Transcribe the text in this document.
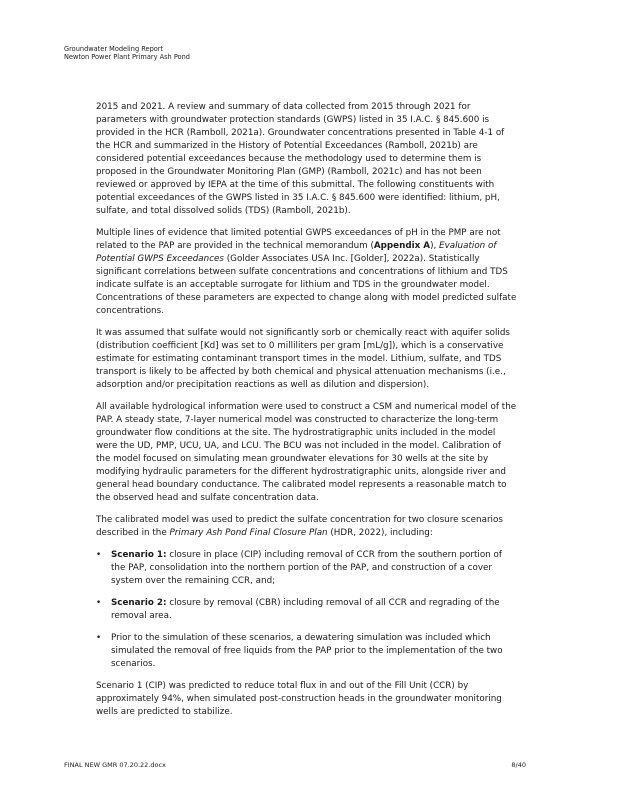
Groundwater Modeling Report
Newton Power Plant Primary Ash Pond

2015 and 2021. A review and summary of data collected from 2015 through 2021 for parameters with groundwater protection standards (GWPS) listed in 35 I.A.C. § 845.600 is provided in the HCR (Ramboll, 2021a). Groundwater concentrations presented in Table 4-1 of the HCR and summarized in the History of Potential Exceedances (Ramboll, 2021b) are considered potential exceedances because the methodology used to determine them is proposed in the Groundwater Monitoring Plan (GMP) (Ramboll, 2021c) and has not been reviewed or approved by IEPA at the time of this submittal. The following constituents with potential exceedances of the GWPS listed in 35 I.A.C. § 845.600 were identified: lithium, pH, sulfate, and total dissolved solids (TDS) (Ramboll, 2021b).

Multiple lines of evidence that limited potential GWPS exceedances of pH in the PMP are not related to the PAP are provided in the technical memorandum (Appendix A), Evaluation of Potential GWPS Exceedances (Golder Associates USA Inc. [Golder], 2022a). Statistically significant correlations between sulfate concentrations and concentrations of lithium and TDS indicate sulfate is an acceptable surrogate for lithium and TDS in the groundwater model. Concentrations of these parameters are expected to change along with model predicted sulfate concentrations.

It was assumed that sulfate would not significantly sorb or chemically react with aquifer solids (distribution coefficient [Kd] was set to 0 milliliters per gram [mL/g]), which is a conservative estimate for estimating contaminant transport times in the model. Lithium, sulfate, and TDS transport is likely to be affected by both chemical and physical attenuation mechanisms (i.e., adsorption and/or precipitation reactions as well as dilution and dispersion).

All available hydrological information were used to construct a CSM and numerical model of the PAP. A steady state, 7-layer numerical model was constructed to characterize the long-term groundwater flow conditions at the site. The hydrostratigraphic units included in the model were the UD, PMP, UCU, UA, and LCU. The BCU was not included in the model. Calibration of the model focused on simulating mean groundwater elevations for 30 wells at the site by modifying hydraulic parameters for the different hydrostratigraphic units, alongside river and general head boundary conductance. The calibrated model represents a reasonable match to the observed head and sulfate concentration data.

The calibrated model was used to predict the sulfate concentration for two closure scenarios described in the Primary Ash Pond Final Closure Plan (HDR, 2022), including:

• Scenario 1: closure in place (CIP) including removal of CCR from the southern portion of the PAP, consolidation into the northern portion of the PAP, and construction of a cover system over the remaining CCR, and;
• Scenario 2: closure by removal (CBR) including removal of all CCR and regrading of the removal area.
• Prior to the simulation of these scenarios, a dewatering simulation was included which simulated the removal of free liquids from the PAP prior to the implementation of the two scenarios.

Scenario 1 (CIP) was predicted to reduce total flux in and out of the Fill Unit (CCR) by approximately 94%, when simulated post-construction heads in the groundwater monitoring wells are predicted to stabilize.

FINAL NEW GMR 07.20.22.docx	8/40
